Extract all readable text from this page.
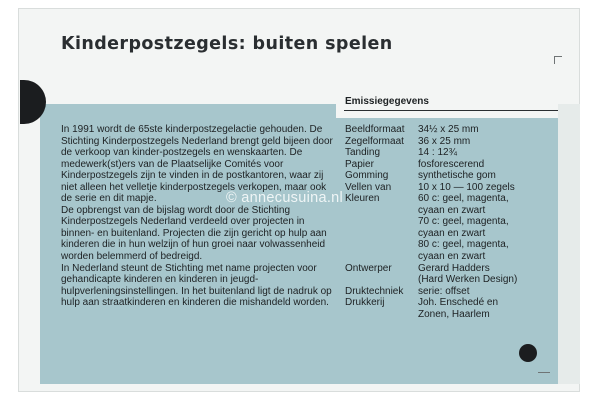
Kinderpostzegels: buiten spelen

In 1991 wordt de 65ste kinderpostzegelactie gehouden. De Stichting Kinderpostzegels Nederland brengt geld bijeen door de verkoop van kinder-postzegels en wenskaarten. De medewerk(st)ers van de Plaatselijke Comités voor Kinderpostzegels zijn te vinden in de postkantoren, waar zij niet alleen het velletje kinderpostzegels verkopen, maar ook de serie en dit mapje.

De opbrengst van de bijslag wordt door de Stichting Kinderpostzegels Nederland verdeeld over projecten in binnen- en buitenland. Projecten die zijn gericht op hulp aan kinderen die in hun welzijn of hun groei naar volwassenheid worden belemmerd of bedreigd.

In Nederland steunt de Stichting met name projecten voor gehandicapte kinderen en kinderen in jeugd-hulpverleningsinstellingen. In het buitenland ligt de nadruk op hulp aan straatkinderen en kinderen die mishandeld worden.

Emissiegegevens
Beeldformaat	34½ x 25 mm
Zegelformaat	36 x 25 mm
Tanding	14 : 12¾
Papier	fosforescerend
Gomming	synthetische gom
Vellen van	10 x 10 — 100 zegels
Kleuren	60 c: geel, magenta,
cyaan en zwart
70 c: geel, magenta,
cyaan en zwart
80 c: geel, magenta,
cyaan en zwart
Ontwerper	Gerard Hadders
(Hard Werken Design)
Druktechniek	serie: offset
Drukkerij	Joh. Enschedé en
Zonen, Haarlem
© annecusuina.nl
